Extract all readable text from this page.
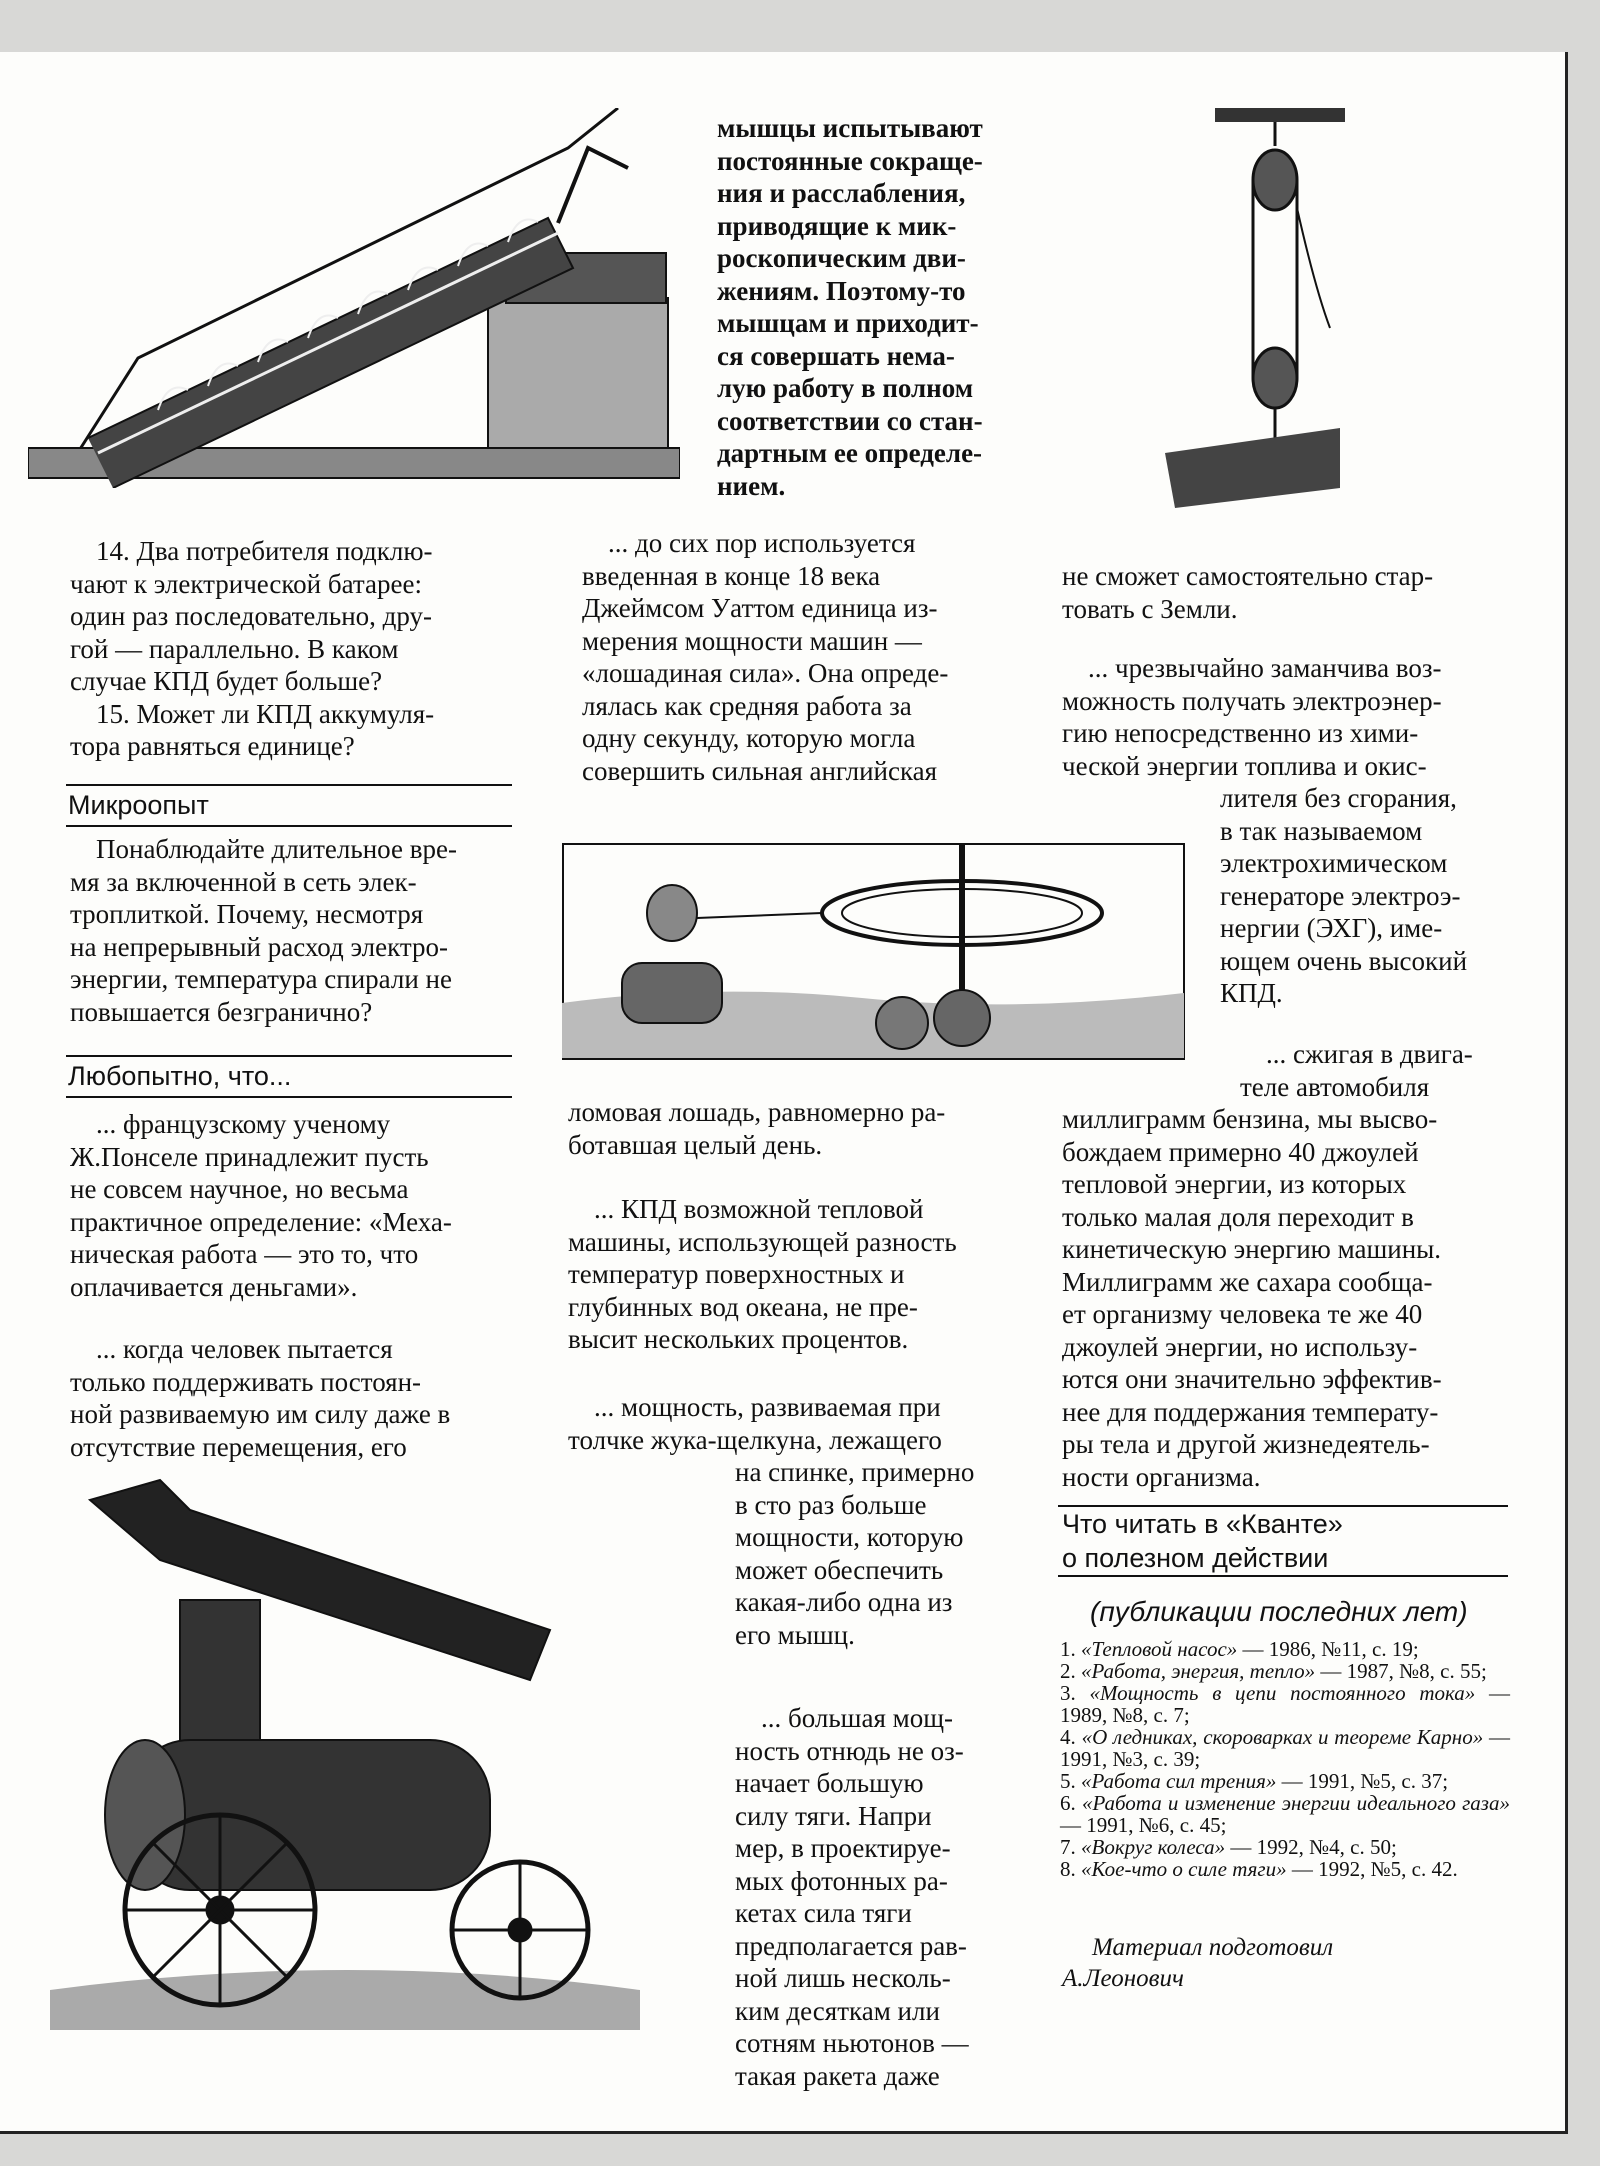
мышцы испытывают
постоянные сокраще-
ния и расслабления,
приводящие к мик-
роскопическим дви-
жениям. Поэтому-то
мышцам и приходит-
ся совершать нема-
лую работу в полном
соответствии со стан-
дартным ее определе-
нием.
14. Два потребителя подклю-
чают к электрической батарее:
один раз последовательно, дру-
гой — параллельно. В каком
случае КПД будет больше?
15. Может ли КПД аккумуля-
тора равняться единице?
Микроопыт
Понаблюдайте длительное вре-
мя за включенной в сеть элек-
троплиткой. Почему, несмотря
на непрерывный расход электро-
энергии, температура спирали не
повышается безгранично?
Любопытно, что...
... французскому ученому
Ж.Понселе принадлежит пусть
не совсем научное, но весьма
практичное определение: «Меха-
ническая работа — это то, что
оплачивается деньгами».
... когда человек пытается
только поддерживать постоян-
ной развиваемую им силу даже в
отсутствие перемещения, его
... до сих пор используется
введенная в конце 18 века
Джеймсом Уаттом единица из-
мерения мощности машин —
«лошадиная сила». Она опреде-
лялась как средняя работа за
одну секунду, которую могла
совершить сильная английская
ломовая лошадь, равномерно ра-
ботавшая целый день.
... КПД возможной тепловой
машины, использующей разность
температур поверхностных и
глубинных вод океана, не пре-
высит нескольких процентов.
... мощность, развиваемая при
толчке жука-щелкуна, лежащего
на спинке, примерно
в сто раз больше
мощности, которую
может обеспечить
какая-либо одна из
его мышц.
... большая мощ-
ность отнюдь не оз-
начает большую
силу тяги. Напри
мер, в проектируе-
мых фотонных ра-
кетах сила тяги
предполагается рав-
ной лишь несколь-
ким десяткам или
сотням ньютонов —
такая ракета даже
не сможет самостоятельно стар-
товать с Земли.
... чрезвычайно заманчива воз-
можность получать электроэнер-
гию непосредственно из хими-
ческой энергии топлива и окис-
лителя без сгорания,
в так называемом
электрохимическом
генераторе электроэ-
нергии (ЭХГ), име-
ющем очень высокий
КПД.
... сжигая в двига-
теле автомобиля
миллиграмм бензина, мы высво-
бождаем примерно 40 джоулей
тепловой энергии, из которых
только малая доля переходит в
кинетическую энергию машины.
Миллиграмм же сахара сообща-
ет организму человека те же 40
джоулей энергии, но использу-
ются они значительно эффектив-
нее для поддержания температу-
ры тела и другой жизнедеятель-
ности организма.
Что читать в «Кванте»
о полезном действии
(публикации последних лет)
1. «Тепловой насос» — 1986, №11, с. 19;
2. «Работа, энергия, тепло» — 1987, №8, с. 55;
3. «Мощность в цепи постоянного тока» — 1989, №8, с. 7;
4. «О ледниках, скороварках и теореме Карно» — 1991, №3, с. 39;
5. «Работа сил трения» — 1991, №5, с. 37;
6. «Работа и изменение энергии идеального газа» — 1991, №6, с. 45;
7. «Вокруг колеса» — 1992, №4, с. 50;
8. «Кое-что о силе тяги» — 1992, №5, с. 42.
Материал подготовил
А.Леонович
